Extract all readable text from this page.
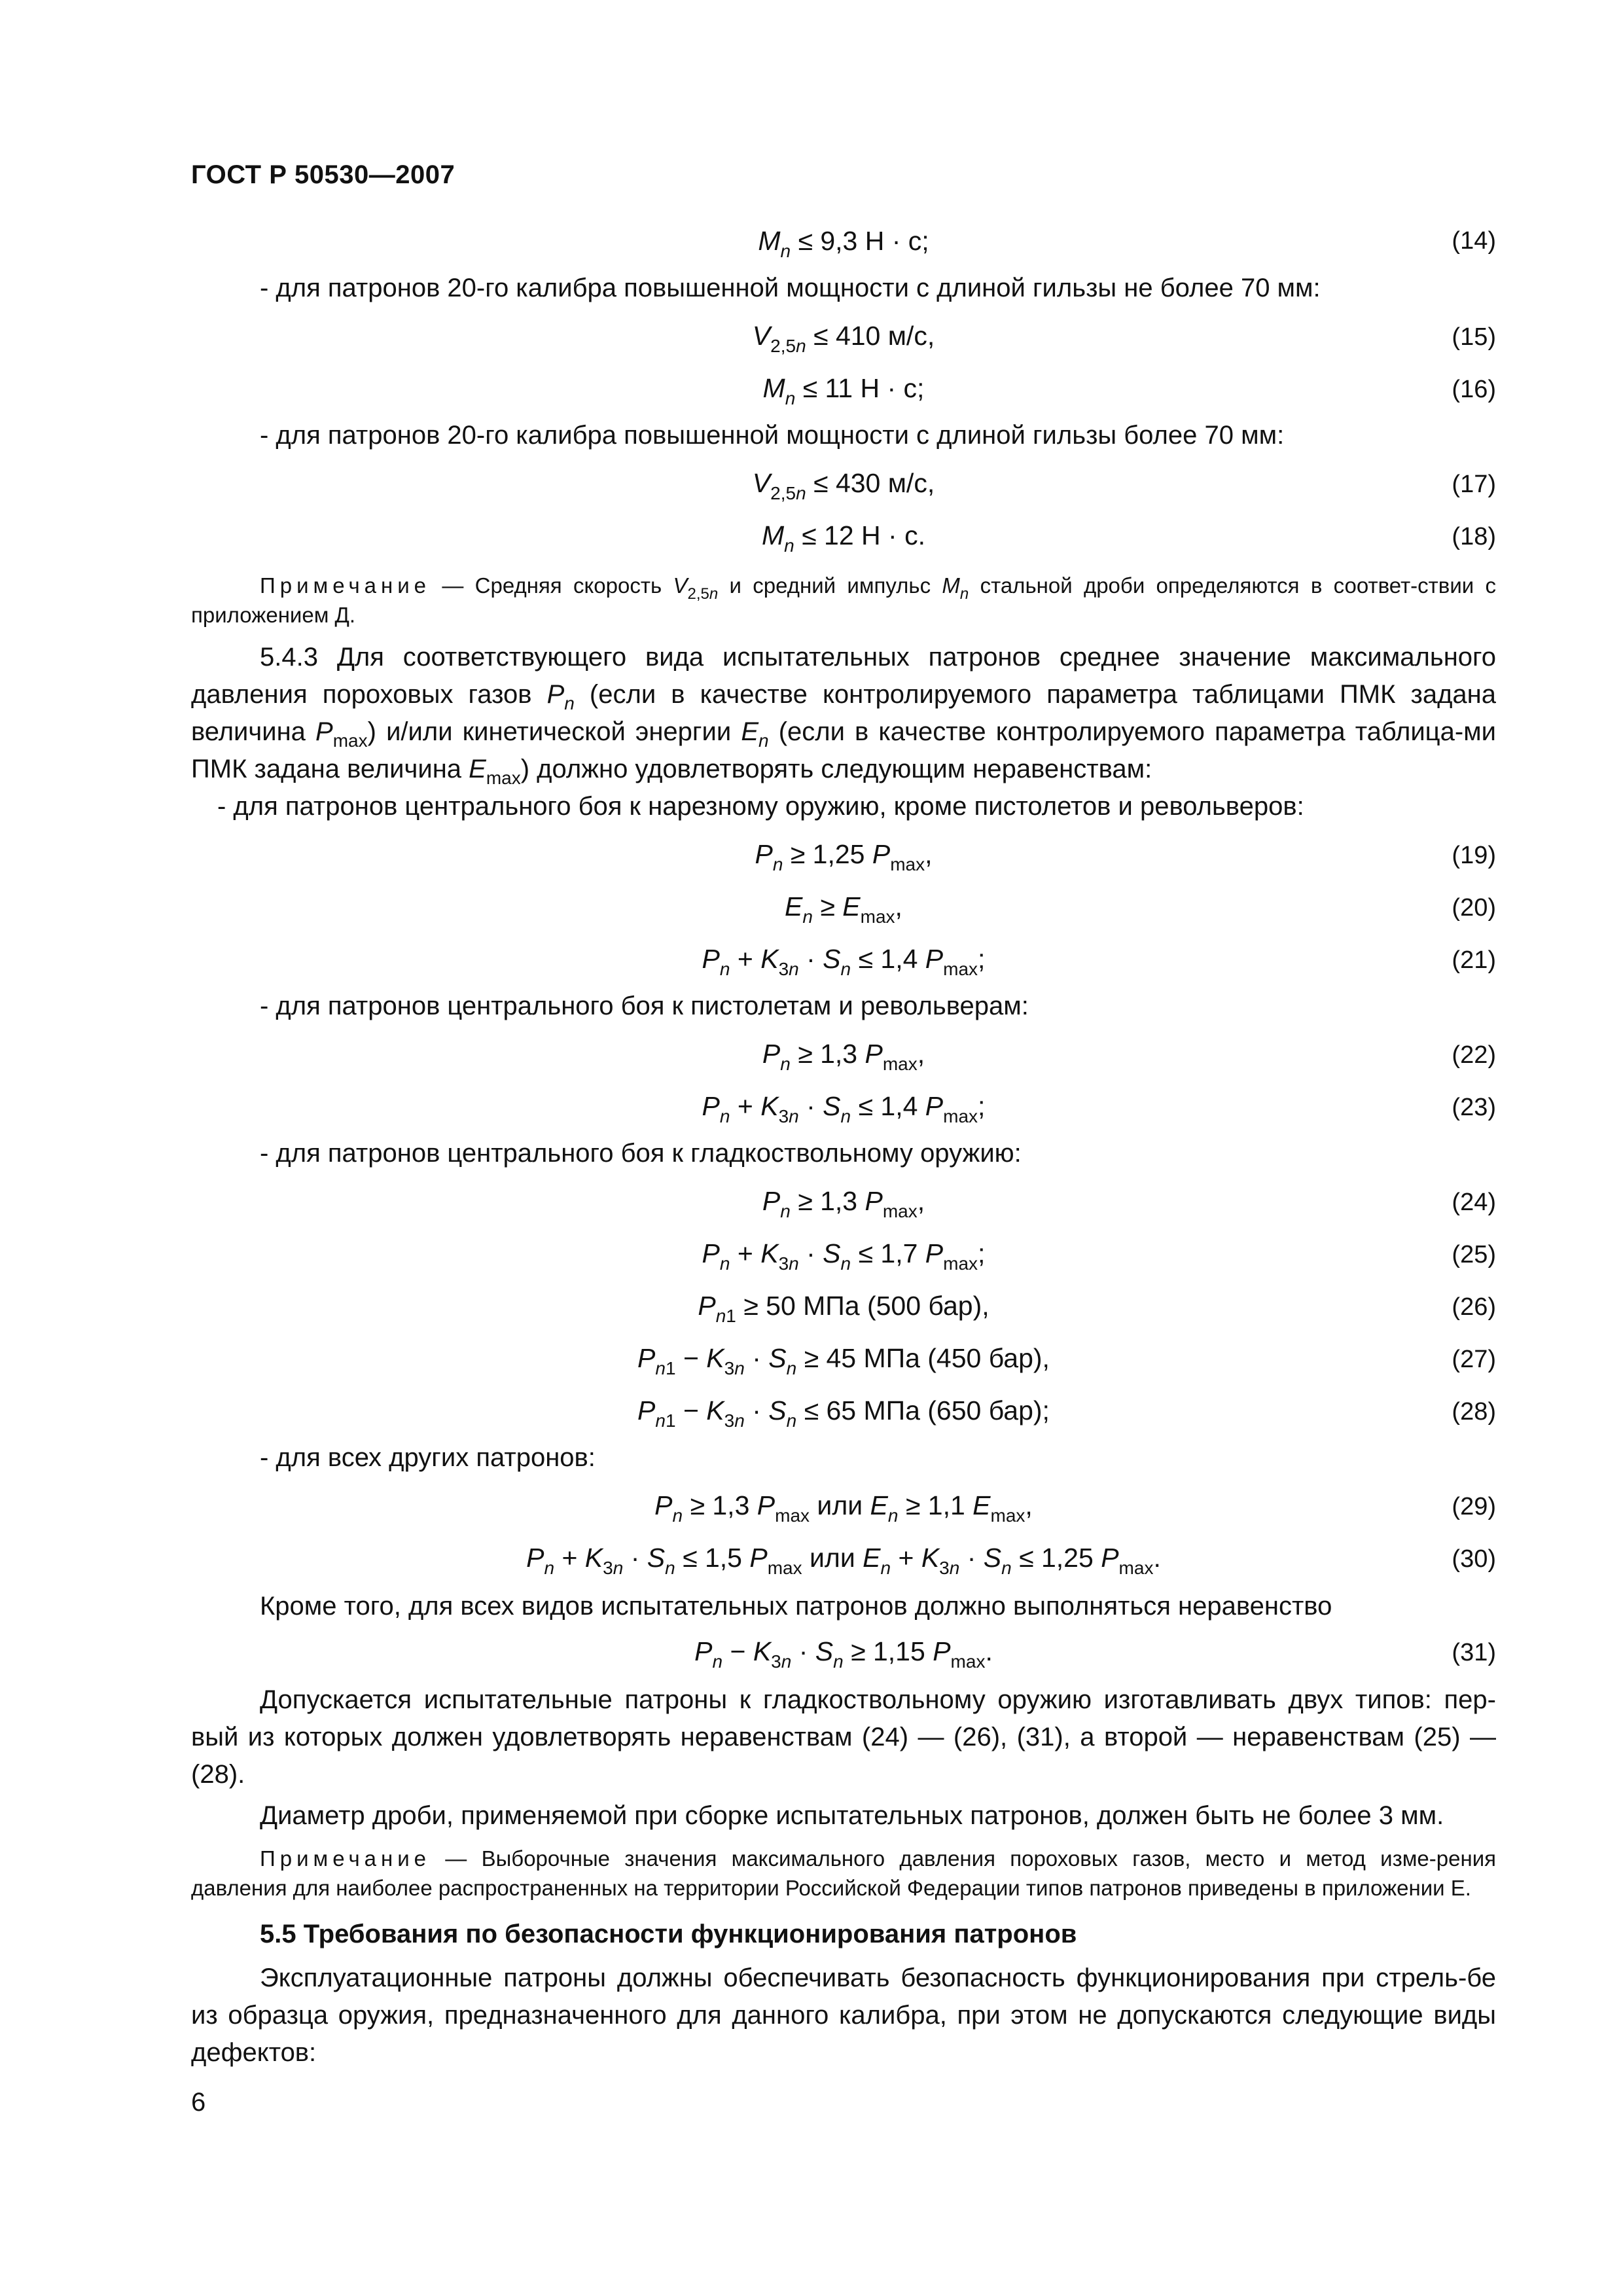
ГОСТ Р 50530—2007
$M_n \le 9,3$ Н · с;	(14)
- для патронов 20-го калибра повышенной мощности с длиной гильзы не более 70 мм:
$V_{2,5n} \le 410$ м/с,	(15)
$M_n \le 11$ Н · с;	(16)
- для патронов 20-го калибра повышенной мощности с длиной гильзы более 70 мм:
$V_{2,5n} \le 430$ м/с,	(17)
$M_n \le 12$ Н · с.	(18)
Примечание — Средняя скорость $V_{2,5n}$ и средний импульс $M_n$ стальной дроби определяются в соответ-ствии с приложением Д.
5.4.3 Для соответствующего вида испытательных патронов среднее значение максимального давления пороховых газов $P_n$ (если в качестве контролируемого параметра таблицами ПМК задана величина $P_{max}$) и/или кинетической энергии $E_n$ (если в качестве контролируемого параметра таблица-ми ПМК задана величина $E_{max}$) должно удовлетворять следующим неравенствам:
- для патронов центрального боя к нарезному оружию, кроме пистолетов и револьверов:
$P_n \ge 1,25$ $P_{max}$,	(19)
$E_n \ge E_{max}$,	(20)
$P_n + K_{3n} \cdot S_n \le 1,4$ $P_{max}$;	(21)
- для патронов центрального боя к пистолетам и револьверам:
$P_n \ge 1,3$ $P_{max}$,	(22)
$P_n + K_{3n} \cdot S_n \le 1,4$ $P_{max}$;	(23)
- для патронов центрального боя к гладкоствольному оружию:
$P_n \ge 1,3$ $P_{max}$,	(24)
$P_n + K_{3n} \cdot S_n \le 1,7$ $P_{max}$;	(25)
$P_{n1} \ge 50$ МПа (500 бар),	(26)
$P_{n1} - K_{3n} \cdot S_n \ge 45$ МПа (450 бар),	(27)
$P_{n1} - K_{3n} \cdot S_n \le 65$ МПа (650 бар);	(28)
- для всех других патронов:
$P_n \ge 1,3$ $P_{max}$ или $E_n \ge 1,1$ $E_{max}$,	(29)
$P_n + K_{3n} \cdot S_n \le 1,5$ $P_{max}$ или $E_n + K_{3n} \cdot S_n \le 1,25$ $P_{max}$.	(30)
Кроме того, для всех видов испытательных патронов должно выполняться неравенство
$P_n - K_{3n} \cdot S_n \ge 1,15$ $P_{max}$.	(31)
Допускается испытательные патроны к гладкоствольному оружию изготавливать двух типов: пер-вый из которых должен удовлетворять неравенствам (24) — (26), (31), а второй — неравенствам (25) — (28).
Диаметр дроби, применяемой при сборке испытательных патронов, должен быть не более 3 мм.
Примечание — Выборочные значения максимального давления пороховых газов, место и метод изме-рения давления для наиболее распространенных на территории Российской Федерации типов патронов приведены в приложении Е.
5.5 Требования по безопасности функционирования патронов
Эксплуатационные патроны должны обеспечивать безопасность функционирования при стрель-бе из образца оружия, предназначенного для данного калибра, при этом не допускаются следующие виды дефектов:
6
